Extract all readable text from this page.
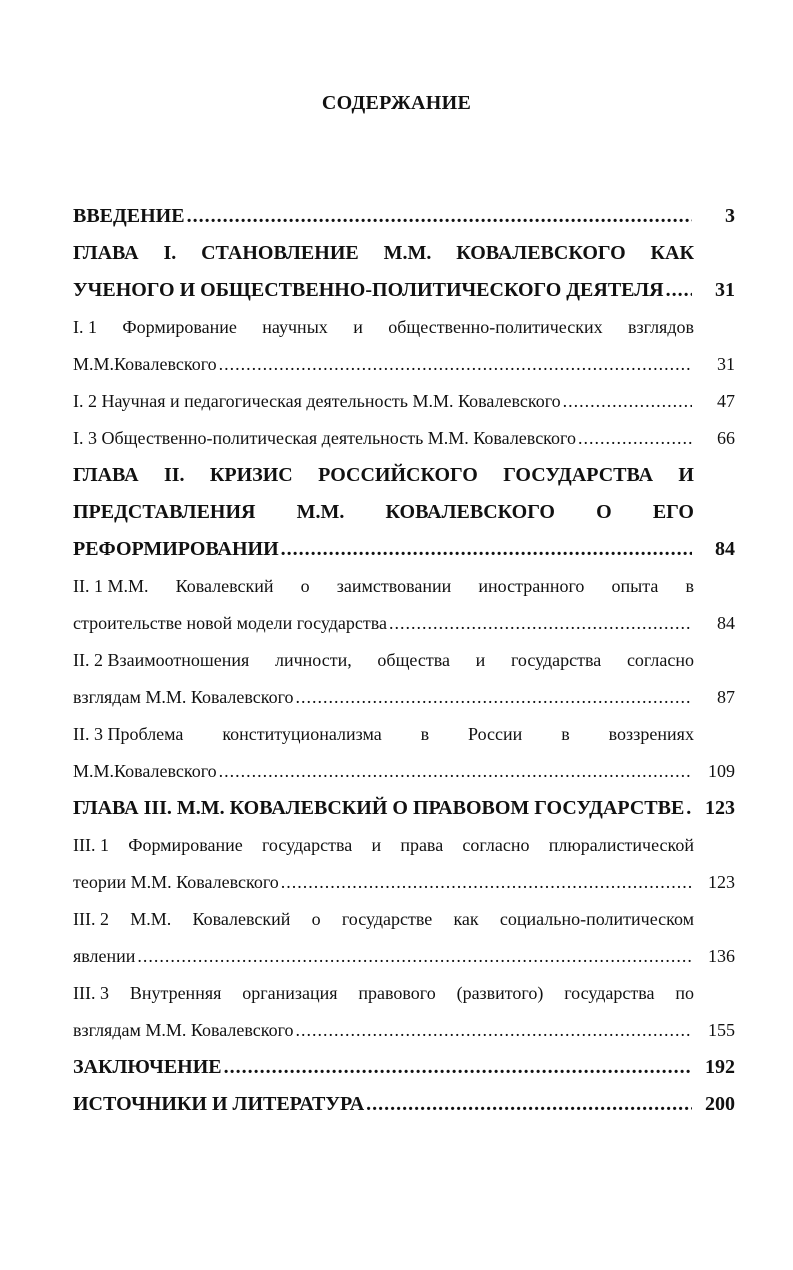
СОДЕРЖАНИЕ
ВВЕДЕНИЕ .....	3
ГЛАВА I. СТАНОВЛЕНИЕ М.М. КОВАЛЕВСКОГО КАК
УЧЕНОГО И ОБЩЕСТВЕННО-ПОЛИТИЧЕСКОГО ДЕЯТЕЛЯ .....	31
I. 1 Формирование научных и общественно-политических взглядов
М.М.Ковалевского .....	31
I. 2 Научная и педагогическая деятельность М.М. Ковалевского .....	47
I. 3 Общественно-политическая деятельность М.М. Ковалевского .....	66
ГЛАВА II. КРИЗИС РОССИЙСКОГО ГОСУДАРСТВА И
ПРЕДСТАВЛЕНИЯ М.М. КОВАЛЕВСКОГО О ЕГО
РЕФОРМИРОВАНИИ .....	84
II. 1 М.М. Ковалевский о заимствовании иностранного опыта в
строительстве новой модели государства .....	84
II. 2 Взаимоотношения личности, общества и государства согласно
взглядам М.М. Ковалевского .....	87
II. 3 Проблема конституционализма в России в воззрениях
М.М.Ковалевского .....	109
ГЛАВА III. М.М. КОВАЛЕВСКИЙ О ПРАВОВОМ ГОСУДАРСТВЕ .....	123
III. 1 Формирование государства и права согласно плюралистической
теории М.М. Ковалевского .....	123
III. 2 М.М. Ковалевский о государстве как социально-политическом
явлении .....	136
III. 3 Внутренняя организация правового (развитого) государства по
взглядам М.М. Ковалевского .....	155
ЗАКЛЮЧЕНИЕ .....	192
ИСТОЧНИКИ И ЛИТЕРАТУРА .....	200
